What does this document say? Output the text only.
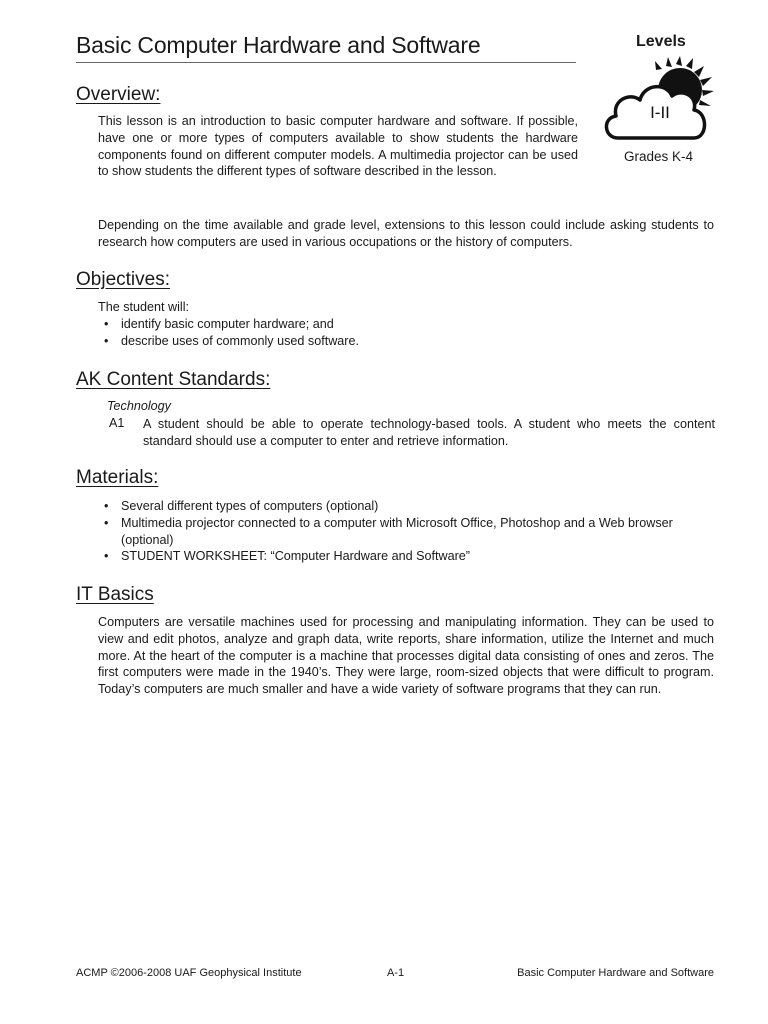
Basic Computer Hardware and Software	Levels
I-II
Grades K-4
Overview:
This lesson is an introduction to basic computer hardware and software. If possible, have one or more types of computers available to show students the hardware components found on different computer models. A multimedia projector can be used to show students the different types of software described in the lesson.
Depending on the time available and grade level, extensions to this lesson could include asking students to research how computers are used in various occupations or the history of computers.
Objectives:
The student will:
• identify basic computer hardware; and
• describe uses of commonly used software.
AK Content Standards:
Technology
A1 A student should be able to operate technology-based tools. A student who meets the content standard should use a computer to enter and retrieve information.
Materials:
• Several different types of computers (optional)
• Multimedia projector connected to a computer with Microsoft Office, Photoshop and a Web browser (optional)
• STUDENT WORKSHEET: “Computer Hardware and Software”
IT Basics
Computers are versatile machines used for processing and manipulating information. They can be used to view and edit photos, analyze and graph data, write reports, share information, utilize the Internet and much more. At the heart of the computer is a machine that processes digital data consisting of ones and zeros. The first computers were made in the 1940’s. They were large, room-sized objects that were difficult to program. Today’s computers are much smaller and have a wide variety of software programs that they can run.
ACMP ©2006-2008 UAF Geophysical Institute	A-1	Basic Computer Hardware and Software
